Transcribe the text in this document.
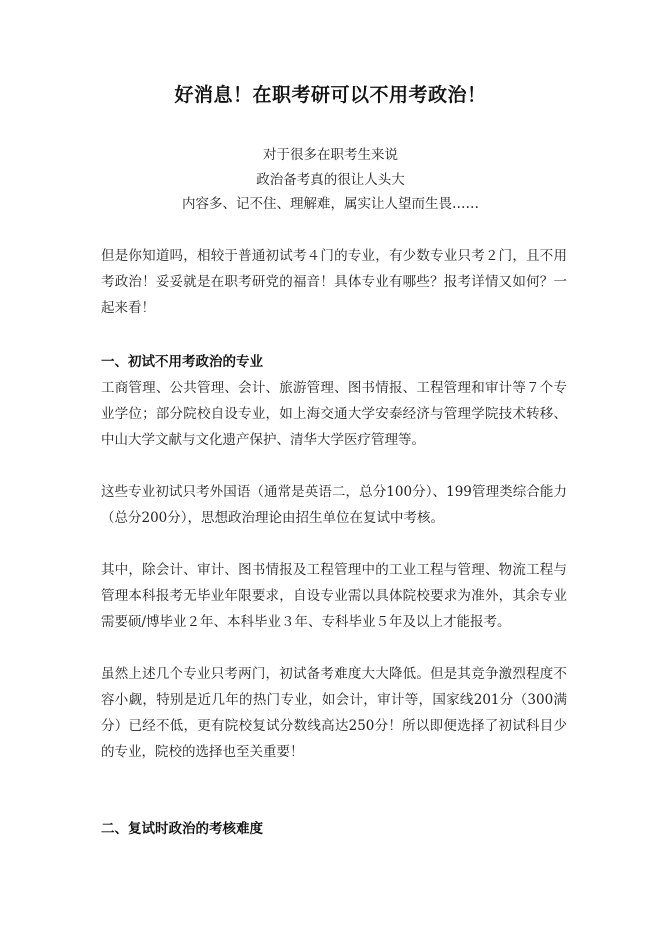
好消息！在职考研可以不用考政治！

对于很多在职考生来说

政治备考真的很让人头大

内容多、记不住、理解难，属实让人望而生畏……

但是你知道吗，相较于普通初试考４门的专业，有少数专业只考２门，且不用考政治！妥妥就是在职考研党的福音！具体专业有哪些？报考详情又如何？一起来看！
一、初试不用考政治的专业
工商管理、公共管理、会计、旅游管理、图书情报、工程管理和审计等７个专业学位；部分院校自设专业，如上海交通大学安泰经济与管理学院技术转移、中山大学文献与文化遗产保护、清华大学医疗管理等。
这些专业初试只考外国语（通常是英语二，总分100分）、199管理类综合能力（总分200分），思想政治理论由招生单位在复试中考核。
其中，除会计、审计、图书情报及工程管理中的工业工程与管理、物流工程与管理本科报考无毕业年限要求，自设专业需以具体院校要求为准外，其余专业需要硕/博毕业２年、本科毕业３年、专科毕业５年及以上才能报考。
虽然上述几个专业只考两门，初试备考难度大大降低。但是其竞争激烈程度不容小觑，特别是近几年的热门专业，如会计，审计等，国家线201分（300满分）已经不低，更有院校复试分数线高达250分！所以即便选择了初试科目少的专业，院校的选择也至关重要！
二、复试时政治的考核难度
